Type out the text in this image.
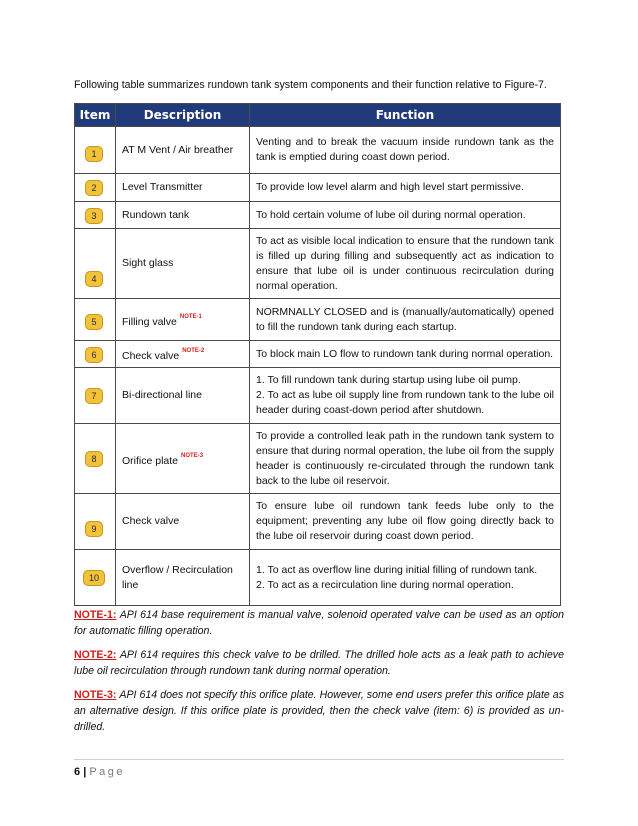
Following table summarizes rundown tank system components and their function relative to Figure-7.
Item	Description	Function

1	AT M Vent / Air breather	Venting and to break the vacuum inside rundown tank as the tank is emptied during coast down period.

2	Level Transmitter	To provide low level alarm and high level start permissive.

3	Rundown tank	To hold certain volume of lube oil during normal operation.

4	Sight glass	To act as visible local indication to ensure that the rundown tank is filled up during filling and subsequently act as indication to ensure that lube oil is under continuous recirculation during normal operation.

5	Filling valve $^{NOTE-1}$	NORMNALLY CLOSED and is (manually/automatically) opened to fill the rundown tank during each startup.

6	Check valve $^{NOTE-2}$	To block main LO flow to rundown tank during normal operation.

7	Bi-directional line	1. To fill rundown tank during startup using lube oil pump.
2. To act as lube oil supply line from rundown tank to the lube oil header during coast-down period after shutdown.

8	Orifice plate $^{NOTE-3}$	To provide a controlled leak path in the rundown tank system to ensure that during normal operation, the lube oil from the supply header is continuously re-circulated through the rundown tank back to the lube oil reservoir.

9	Check valve	To ensure lube oil rundown tank feeds lube only to the equipment; preventing any lube oil flow going directly back to the lube oil reservoir during coast down period.

10	Overflow / Recirculation line	1. To act as overflow line during initial filling of rundown tank.
2. To act as a recirculation line during normal operation.

NOTE-1: API 614 base requirement is manual valve, solenoid operated valve can be used as an option for automatic filling operation.

NOTE-2: API 614 requires this check valve to be drilled. The drilled hole acts as a leak path to achieve lube oil recirculation through rundown tank during normal operation.

NOTE-3: API 614 does not specify this orifice plate. However, some end users prefer this orifice plate as an alternative design. If this orifice plate is provided, then the check valve (item: 6) is provided as un-drilled.

6 | Page
